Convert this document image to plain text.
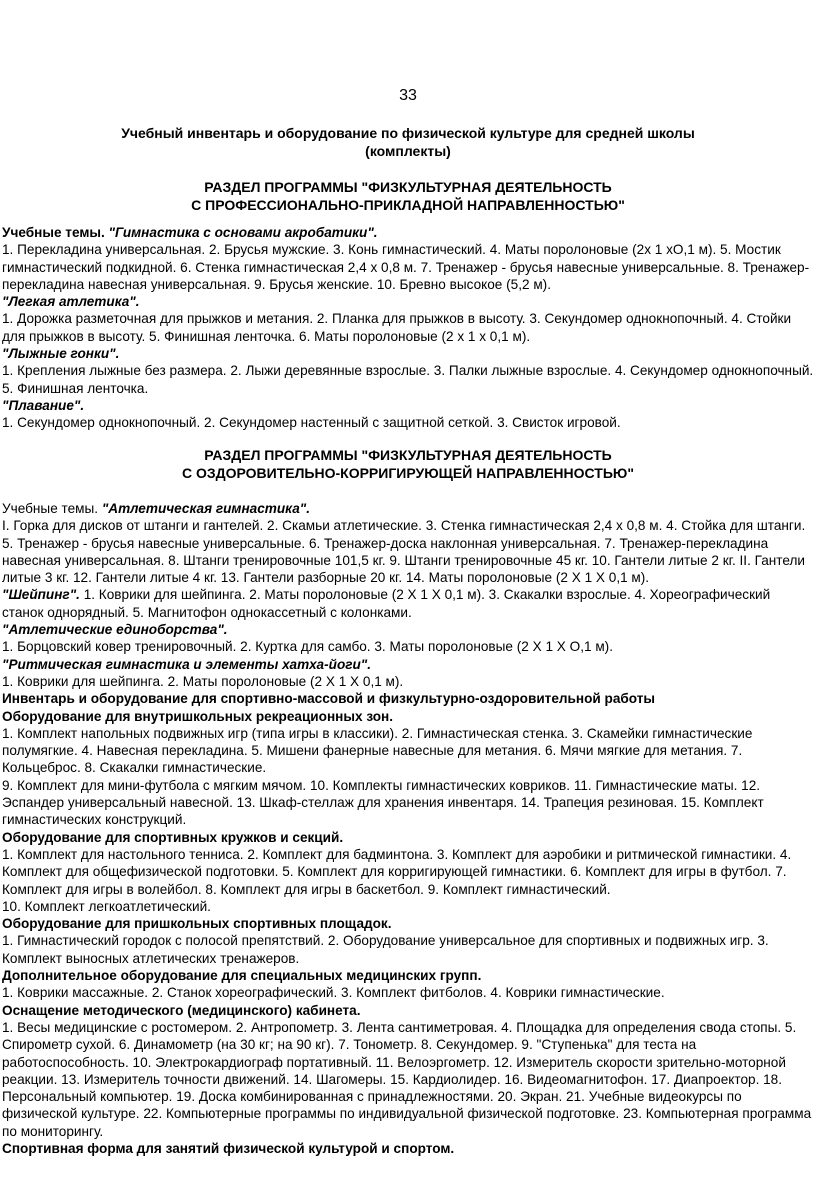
33
Учебный инвентарь и оборудование по физической культуре для средней школы
(комплекты)
РАЗДЕЛ ПРОГРАММЫ "ФИЗКУЛЬТУРНАЯ ДЕЯТЕЛЬНОСТЬ
С ПРОФЕССИОНАЛЬНО-ПРИКЛАДНОЙ НАПРАВЛЕННОСТЬЮ"

Учебные темы. "Гимнастика с основами акробатики".

1. Перекладина универсальная. 2. Брусья мужские. 3. Конь гимнастический. 4. Маты поролоновые (2х 1 хО,1 м). 5. Мостик гимнастический подкидной. 6. Стенка гимнастическая 2,4 х 0,8 м. 7. Тренажер - брусья навесные универсальные. 8. Тренажер-перекладина навесная универсальная. 9. Брусья женские. 10. Бревно высокое (5,2 м).

"Легкая атлетика".

1. Дорожка разметочная для прыжков и метания. 2. Планка для прыжков в высоту. 3. Секундомер однокнопочный. 4. Стойки для прыжков в высоту. 5. Финишная ленточка. 6. Маты поролоновые (2 х 1 х 0,1 м).

"Лыжные гонки".

1. Крепления лыжные без размера. 2. Лыжи деревянные взрослые. 3. Палки лыжные взрослые. 4. Секундомер однокнопочный. 5. Финишная ленточка.

"Плавание".

1. Секундомер однокнопочный. 2. Секундомер настенный с защитной сеткой. 3. Свисток игровой.

РАЗДЕЛ ПРОГРАММЫ "ФИЗКУЛЬТУРНАЯ ДЕЯТЕЛЬНОСТЬ
С ОЗДОРОВИТЕЛЬНО-КОРРИГИРУЮЩЕЙ НАПРАВЛЕННОСТЬЮ"

Учебные темы. "Атлетическая гимнастика".

I. Горка для дисков от штанги и гантелей. 2. Скамьи атлетические. 3. Стенка гимнастическая 2,4 х 0,8 м. 4. Стойка для штанги. 5. Тренажер - брусья навесные универсальные. 6. Тренажер-доска наклонная универсальная. 7. Тренажер-перекладина навесная универсальная. 8. Штанги тренировочные 101,5 кг. 9. Штанги тренировочные 45 кг. 10. Гантели литые 2 кг. II. Гантели литые 3 кг. 12. Гантели литые 4 кг. 13. Гантели разборные 20 кг. 14. Маты поролоновые (2 Х 1 Х 0,1 м).

"Шейпинг". 1. Коврики для шейпинга. 2. Маты поролоновые (2 Х 1 Х 0,1 м). 3. Скакалки взрослые. 4. Хореографический станок однорядный. 5. Магнитофон однокассетный с колонками.

"Атлетические единоборства".

1. Борцовский ковер тренировочный. 2. Куртка для самбо. 3. Маты поролоновые (2 Х 1 Х О,1 м).

"Ритмическая гимнастика и элементы хатха-йоги".

1. Коврики для шейпинга. 2. Маты поролоновые (2 Х 1 Х 0,1 м).

Инвентарь и оборудование для спортивно-массовой и физкультурно-оздоровительной работы

Оборудование для внутришкольных рекреационных зон.

1. Комплект напольных подвижных игр (типа игры в классики). 2. Гимнастическая стенка. 3. Скамейки гимнастические полумягкие. 4. Навесная перекладина. 5. Мишени фанерные навесные для метания. 6. Мячи мягкие для метания. 7. Кольцеброс. 8. Скакалки гимнастические.

9. Комплект для мини-футбола с мягким мячом. 10. Комплекты гимнастических ковриков. 11. Гимнастические маты. 12. Эспандер универсальный навесной. 13. Шкаф-стеллаж для хранения инвентаря. 14. Трапеция резиновая. 15. Комплект гимнастических конструкций.

Оборудование для спортивных кружков и секций.

1. Комплект для настольного тенниса. 2. Комплект для бадминтона. 3. Комплект для аэробики и ритмической гимнастики. 4. Комплект для общефизической подготовки. 5. Комплект для корригирующей гимнастики. 6. Комплект для игры в футбол. 7. Комплект для игры в волейбол. 8. Комплект для игры в баскетбол. 9. Комплект гимнастический.

10. Комплект легкоатлетический.

Оборудование для пришкольных спортивных площадок.

1. Гимнастический городок с полосой препятствий. 2. Оборудование универсальное для спортивных и подвижных игр. 3. Комплект выносных атлетических тренажеров.

Дополнительное оборудование для специальных медицинских групп.

1. Коврики массажные. 2. Станок хореографический. 3. Комплект фитболов. 4. Коврики гимнастические.

Оснащение методического (медицинского) кабинета.

1. Весы медицинские с ростомером. 2. Антропометр. 3. Лента сантиметровая. 4. Площадка для определения свода стопы. 5. Спирометр сухой. 6. Динамометр (на 30 кг; на 90 кг). 7. Тонометр. 8. Секундомер. 9. "Ступенька" для теста на работоспособность. 10. Электрокардиограф портативный. 11. Велоэргометр. 12. Измеритель скорости зрительно-моторной реакции. 13. Измеритель точности движений. 14. Шагомеры. 15. Кардиолидер. 16. Видеомагнитофон. 17. Диапроектор. 18. Персональный компьютер. 19. Доска комбинированная с принадлежностями. 20. Экран. 21. Учебные видеокурсы по физической культуре. 22. Компьютерные программы по индивидуальной физической подготовке. 23. Компьютерная программа по мониторингу.

Спортивная форма для занятий физической культурой и спортом.
